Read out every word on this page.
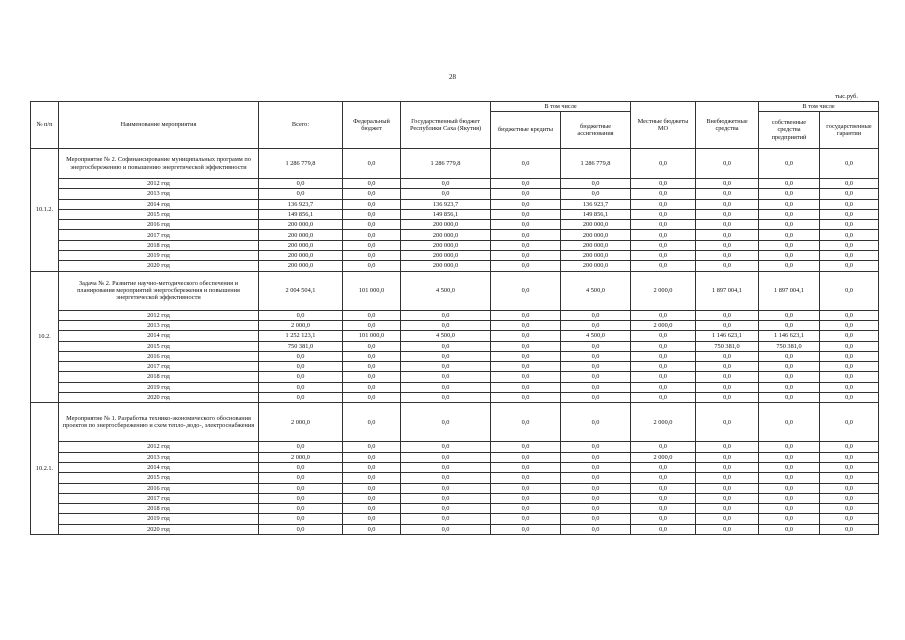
28
тыс.руб.
№ п/п	Наименование мероприятия	Всего:	Федеральный бюджет	Государственный бюджет Республики Саха (Якутия)	В том числе		Местные бюджеты МО	Внебюджетные средства	В том числе	
					бюджетные кредиты	бюджетные ассигнования			собственные средства предприятий	государственные гарантии
10.1.2.	Мероприятие № 2. Софинансирование муниципальных программ по энергосбережению и повышению энергетической эффективности	1 286 779,8	0,0	1 286 779,8	0,0	1 286 779,8	0,0	0,0	0,0	0,0
	2012 год	0,0	0,0	0,0	0,0	0,0	0,0	0,0	0,0	0,0
	2013 год	0,0	0,0	0,0	0,0	0,0	0,0	0,0	0,0	0,0
	2014 год	136 923,7	0,0	136 923,7	0,0	136 923,7	0,0	0,0	0,0	0,0
	2015 год	149 856,1	0,0	149 856,1	0,0	149 856,1	0,0	0,0	0,0	0,0
	2016 год	200 000,0	0,0	200 000,0	0,0	200 000,0	0,0	0,0	0,0	0,0
	2017 год	200 000,0	0,0	200 000,0	0,0	200 000,0	0,0	0,0	0,0	0,0
	2018 год	200 000,0	0,0	200 000,0	0,0	200 000,0	0,0	0,0	0,0	0,0
	2019 год	200 000,0	0,0	200 000,0	0,0	200 000,0	0,0	0,0	0,0	0,0
	2020 год	200 000,0	0,0	200 000,0	0,0	200 000,0	0,0	0,0	0,0	0,0
10.2.	Задача № 2. Развитие научно-методического обеспечения и планирования мероприятий энергосбережения и повышения энергетической эффективности	2 004 504,1	101 000,0	4 500,0	0,0	4 500,0	2 000,0	1 897 004,1	1 897 004,1	0,0
	2012 год	0,0	0,0	0,0	0,0	0,0	0,0	0,0	0,0	0,0
	2013 год	2 000,0	0,0	0,0	0,0	0,0	2 000,0	0,0	0,0	0,0
	2014 год	1 252 123,1	101 000,0	4 500,0	0,0	4 500,0	0,0	1 146 623,1	1 146 623,1	0,0
	2015 год	750 381,0	0,0	0,0	0,0	0,0	0,0	750 381,0	750 381,0	0,0
	2016 год	0,0	0,0	0,0	0,0	0,0	0,0	0,0	0,0	0,0
	2017 год	0,0	0,0	0,0	0,0	0,0	0,0	0,0	0,0	0,0
	2018 год	0,0	0,0	0,0	0,0	0,0	0,0	0,0	0,0	0,0
	2019 год	0,0	0,0	0,0	0,0	0,0	0,0	0,0	0,0	0,0
	2020 год	0,0	0,0	0,0	0,0	0,0	0,0	0,0	0,0	0,0
10.2.1.	Мероприятие № 1. Разработка технико-экономического обоснования проектов по энергосбережению и схем тепло-,водо-, электроснабжения	2 000,0	0,0	0,0	0,0	0,0	2 000,0	0,0	0,0	0,0
	2012 год	0,0	0,0	0,0	0,0	0,0	0,0	0,0	0,0	0,0
	2013 год	2 000,0	0,0	0,0	0,0	0,0	2 000,0	0,0	0,0	0,0
	2014 год	0,0	0,0	0,0	0,0	0,0	0,0	0,0	0,0	0,0
	2015 год	0,0	0,0	0,0	0,0	0,0	0,0	0,0	0,0	0,0
	2016 год	0,0	0,0	0,0	0,0	0,0	0,0	0,0	0,0	0,0
	2017 год	0,0	0,0	0,0	0,0	0,0	0,0	0,0	0,0	0,0
	2018 год	0,0	0,0	0,0	0,0	0,0	0,0	0,0	0,0	0,0
	2019 год	0,0	0,0	0,0	0,0	0,0	0,0	0,0	0,0	0,0
	2020 год	0,0	0,0	0,0	0,0	0,0	0,0	0,0	0,0	0,0
